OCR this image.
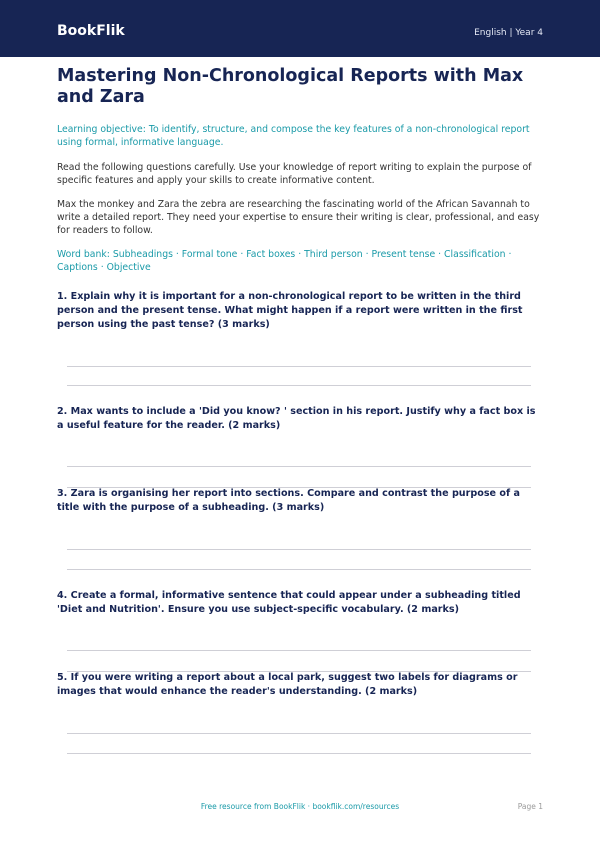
BookFlik	English | Year 4
Mastering Non-Chronological Reports with Max and Zara
Learning objective: To identify, structure, and compose the key features of a non-chronological report using formal, informative language.
Read the following questions carefully. Use your knowledge of report writing to explain the purpose of specific features and apply your skills to create informative content.
Max the monkey and Zara the zebra are researching the fascinating world of the African Savannah to write a detailed report. They need your expertise to ensure their writing is clear, professional, and easy for readers to follow.
Word bank: Subheadings · Formal tone · Fact boxes · Third person · Present tense · Classification · Captions · Objective
1. Explain why it is important for a non-chronological report to be written in the third person and the present tense. What might happen if a report were written in the first person using the past tense? (3 marks)
2. Max wants to include a 'Did you know? ' section in his report. Justify why a fact box is a useful feature for the reader. (2 marks)
3. Zara is organising her report into sections. Compare and contrast the purpose of a title with the purpose of a subheading. (3 marks)
4. Create a formal, informative sentence that could appear under a subheading titled 'Diet and Nutrition'. Ensure you use subject-specific vocabulary. (2 marks)
5. If you were writing a report about a local park, suggest two labels for diagrams or images that would enhance the reader's understanding. (2 marks)
Free resource from BookFlik · bookflik.com/resources	Page 1
